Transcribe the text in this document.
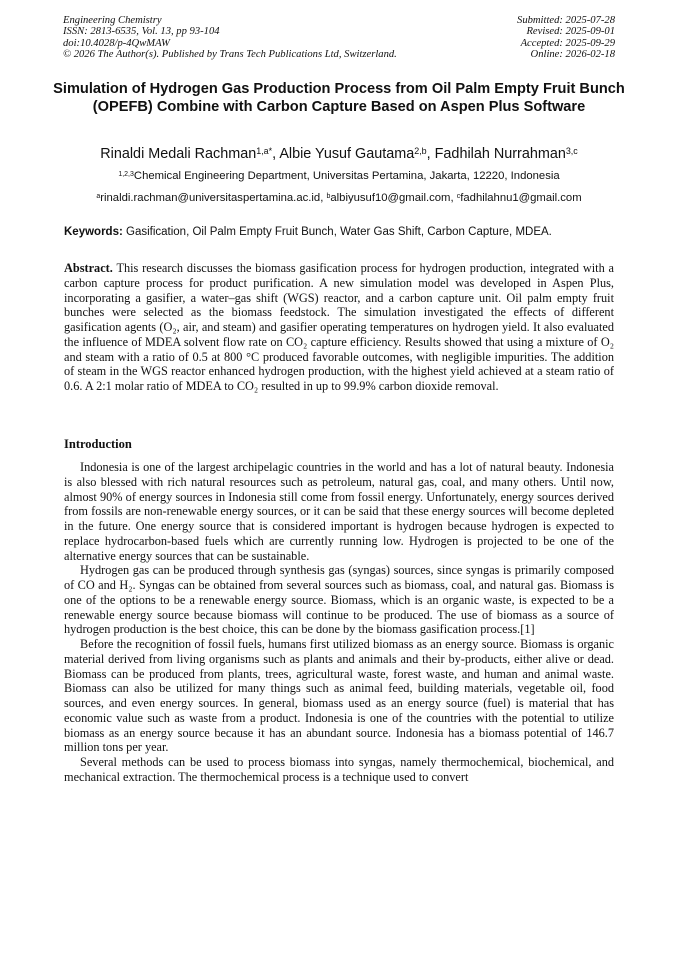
Engineering Chemistry
ISSN: 2813-6535, Vol. 13, pp 93-104
doi:10.4028/p-4QwMAW
© 2026 The Author(s). Published by Trans Tech Publications Ltd, Switzerland.
Submitted: 2025-07-28
Revised: 2025-09-01
Accepted: 2025-09-29
Online: 2026-02-18
Simulation of Hydrogen Gas Production Process from Oil Palm Empty Fruit Bunch (OPEFB) Combine with Carbon Capture Based on Aspen Plus Software
Rinaldi Medali Rachman$^{1,a*}$, Albie Yusuf Gautama$^{2,b}$, Fadhilah Nurrahman$^{3,c}$
$^{1,2,3}$Chemical Engineering Department, Universitas Pertamina, Jakarta, 12220, Indonesia
$^a$rinaldi.rachman@universitaspertamina.ac.id, $^b$albiyusuf10@gmail.com, $^c$fadhilahnu1@gmail.com
Keywords: Gasification, Oil Palm Empty Fruit Bunch, Water Gas Shift, Carbon Capture, MDEA.
Abstract. This research discusses the biomass gasification process for hydrogen production, integrated with a carbon capture process for product purification. A new simulation model was developed in Aspen Plus, incorporating a gasifier, a water–gas shift (WGS) reactor, and a carbon capture unit. Oil palm empty fruit bunches were selected as the biomass feedstock. The simulation investigated the effects of different gasification agents (O₂, air, and steam) and gasifier operating temperatures on hydrogen yield. It also evaluated the influence of MDEA solvent flow rate on CO₂ capture efficiency. Results showed that using a mixture of O₂ and steam with a ratio of 0.5 at 800 °C produced favorable outcomes, with negligible impurities. The addition of steam in the WGS reactor enhanced hydrogen production, with the highest yield achieved at a steam ratio of 0.6. A 2:1 molar ratio of MDEA to CO₂ resulted in up to 99.9% carbon dioxide removal.
Introduction

Indonesia is one of the largest archipelagic countries in the world and has a lot of natural beauty. Indonesia is also blessed with rich natural resources such as petroleum, natural gas, coal, and many others. Until now, almost 90% of energy sources in Indonesia still come from fossil energy. Unfortunately, energy sources derived from fossils are non-renewable energy sources, or it can be said that these energy sources will become depleted in the future. One energy source that is considered important is hydrogen because hydrogen is expected to replace hydrocarbon-based fuels which are currently running low. Hydrogen is projected to be one of the alternative energy sources that can be sustainable.

Hydrogen gas can be produced through synthesis gas (syngas) sources, since syngas is primarily composed of CO and H₂. Syngas can be obtained from several sources such as biomass, coal, and natural gas. Biomass is one of the options to be a renewable energy source. Biomass, which is an organic waste, is expected to be a renewable energy source because biomass will continue to be produced. The use of biomass as a source of hydrogen production is the best choice, this can be done by the biomass gasification process.[1]

Before the recognition of fossil fuels, humans first utilized biomass as an energy source. Biomass is organic material derived from living organisms such as plants and animals and their by-products, either alive or dead. Biomass can be produced from plants, trees, agricultural waste, forest waste, and human and animal waste. Biomass can also be utilized for many things such as animal feed, building materials, vegetable oil, food sources, and even energy sources. In general, biomass used as an energy source (fuel) is material that has economic value such as waste from a product. Indonesia is one of the countries with the potential to utilize biomass as an energy source because it has an abundant source. Indonesia has a biomass potential of 146.7 million tons per year.

Several methods can be used to process biomass into syngas, namely thermochemical, biochemical, and mechanical extraction. The thermochemical process is a technique used to convert
